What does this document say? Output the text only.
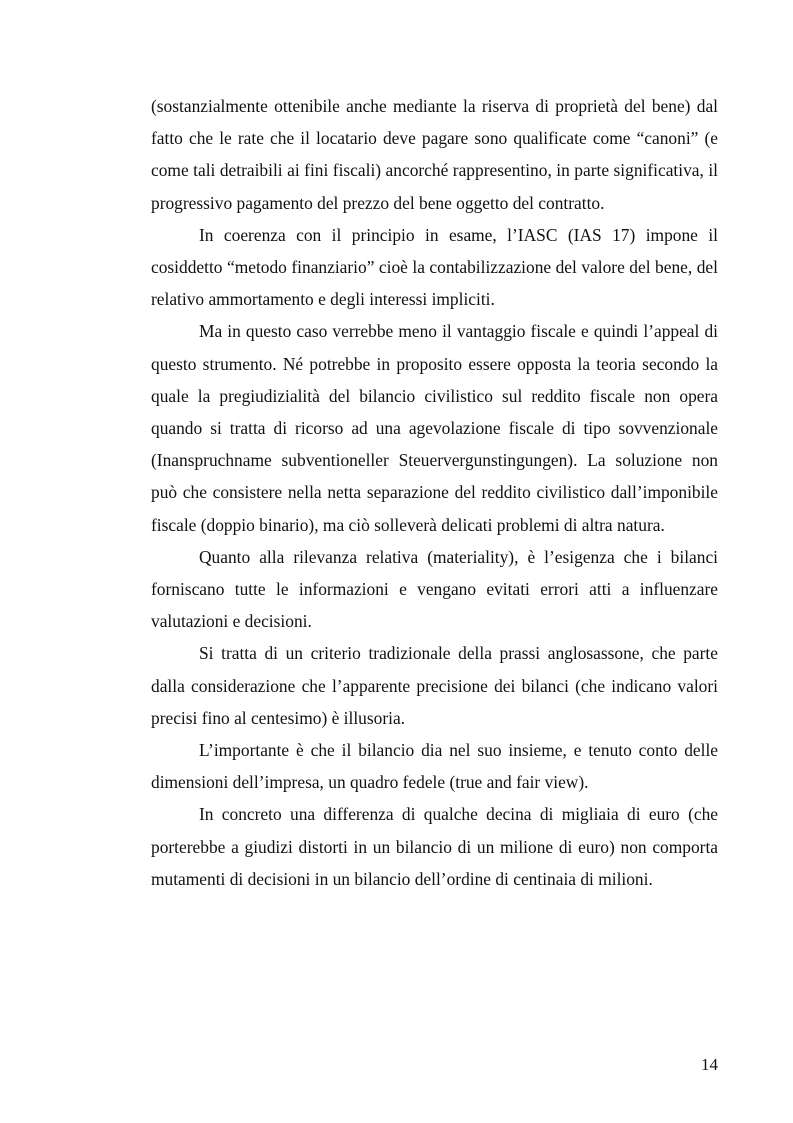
(sostanzialmente ottenibile anche mediante la riserva di proprietà del bene) dal fatto che le rate che il locatario deve pagare sono qualificate come “canoni” (e come tali detraibili ai fini fiscali) ancorché rappresentino, in parte significativa, il progressivo pagamento del prezzo del bene oggetto del contratto.

In coerenza con il principio in esame, l’IASC (IAS 17) impone il cosiddetto “metodo finanziario” cioè la contabilizzazione del valore del bene, del relativo ammortamento e degli interessi impliciti.

Ma in questo caso verrebbe meno il vantaggio fiscale e quindi l’appeal di questo strumento. Né potrebbe in proposito essere opposta la teoria secondo la quale la pregiudizialità del bilancio civilistico sul reddito fiscale non opera quando si tratta di ricorso ad una agevolazione fiscale di tipo sovvenzionale (Inanspruchname subventioneller Steuervergunstingungen). La soluzione non può che consistere nella netta separazione del reddito civilistico dall’imponibile fiscale (doppio binario), ma ciò solleverà delicati problemi di altra natura.

Quanto alla rilevanza relativa (materiality), è l’esigenza che i bilanci forniscano tutte le informazioni e vengano evitati errori atti a influenzare valutazioni e decisioni.

Si tratta di un criterio tradizionale della prassi anglosassone, che parte dalla considerazione che l’apparente precisione dei bilanci (che indicano valori precisi fino al centesimo) è illusoria.

L’importante è che il bilancio dia nel suo insieme, e tenuto conto delle dimensioni dell’impresa, un quadro fedele (true and fair view).

In concreto una differenza di qualche decina di migliaia di euro (che porterebbe a giudizi distorti in un bilancio di un milione di euro) non comporta mutamenti di decisioni in un bilancio dell’ordine di centinaia di milioni.

14
